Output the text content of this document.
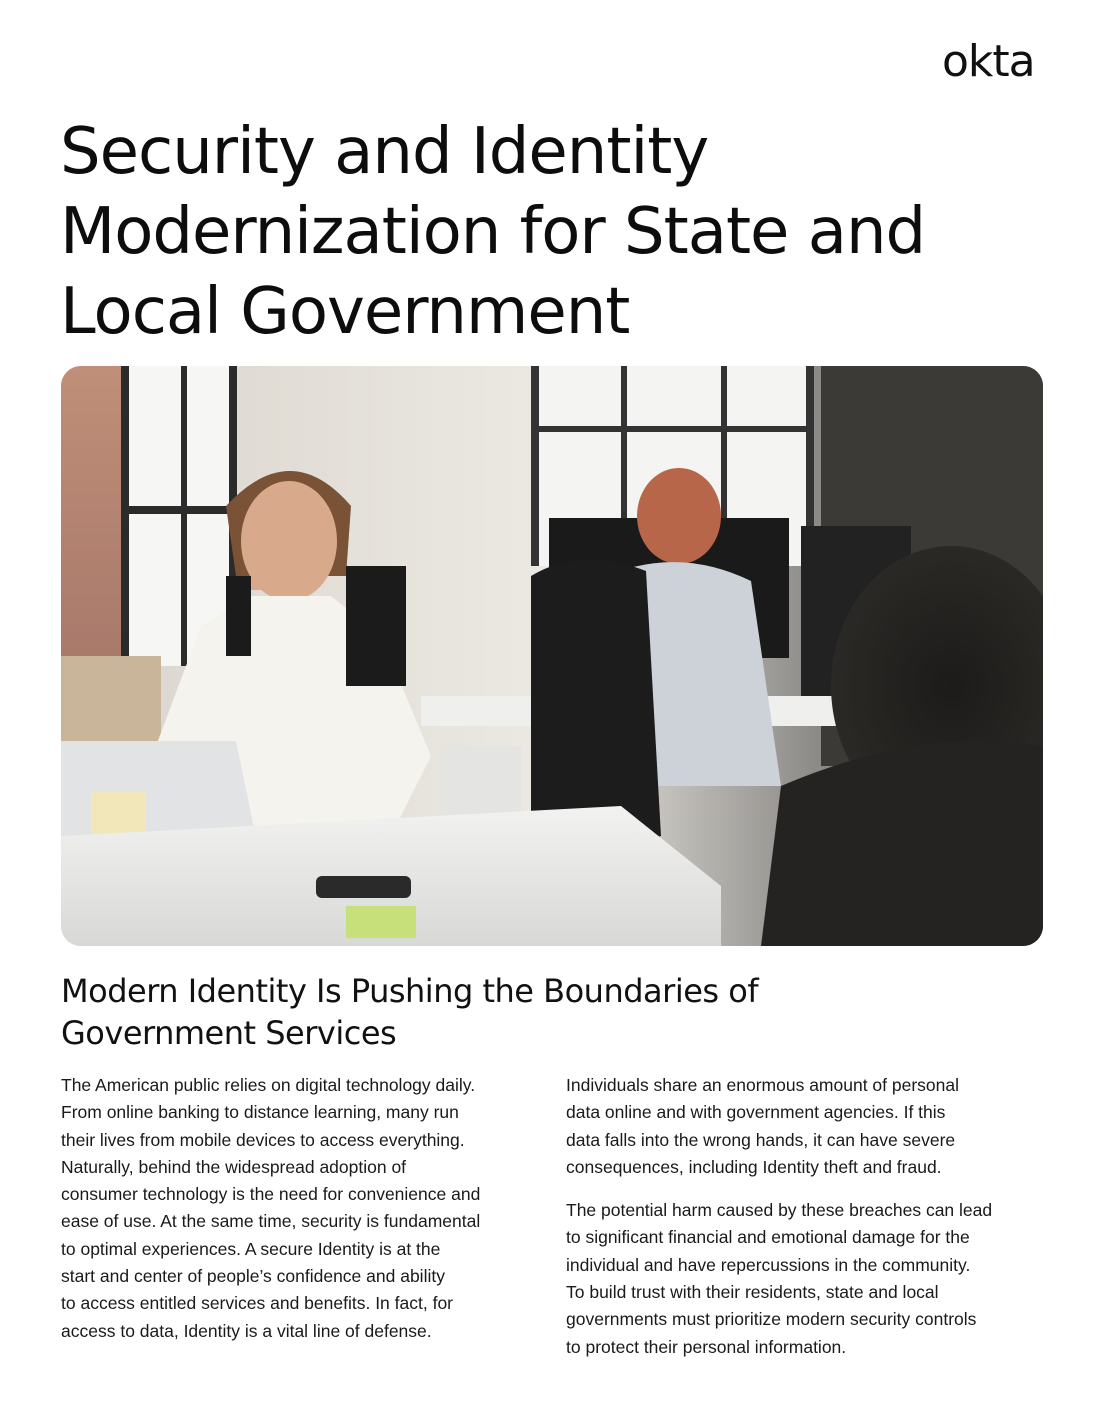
okta
Security and Identity
Modernization for State and
Local Government
Modern Identity Is Pushing the Boundaries of
Government Services

The American public relies on digital technology daily.
From online banking to distance learning, many run
their lives from mobile devices to access everything.
Naturally, behind the widespread adoption of
consumer technology is the need for convenience and
ease of use. At the same time, security is fundamental
to optimal experiences. A secure Identity is at the
start and center of people’s confidence and ability
to access entitled services and benefits. In fact, for
access to data, Identity is a vital line of defense.

Individuals share an enormous amount of personal
data online and with government agencies. If this
data falls into the wrong hands, it can have severe
consequences, including Identity theft and fraud.

The potential harm caused by these breaches can lead
to significant financial and emotional damage for the
individual and have repercussions in the community.
To build trust with their residents, state and local
governments must prioritize modern security controls
to protect their personal information.
